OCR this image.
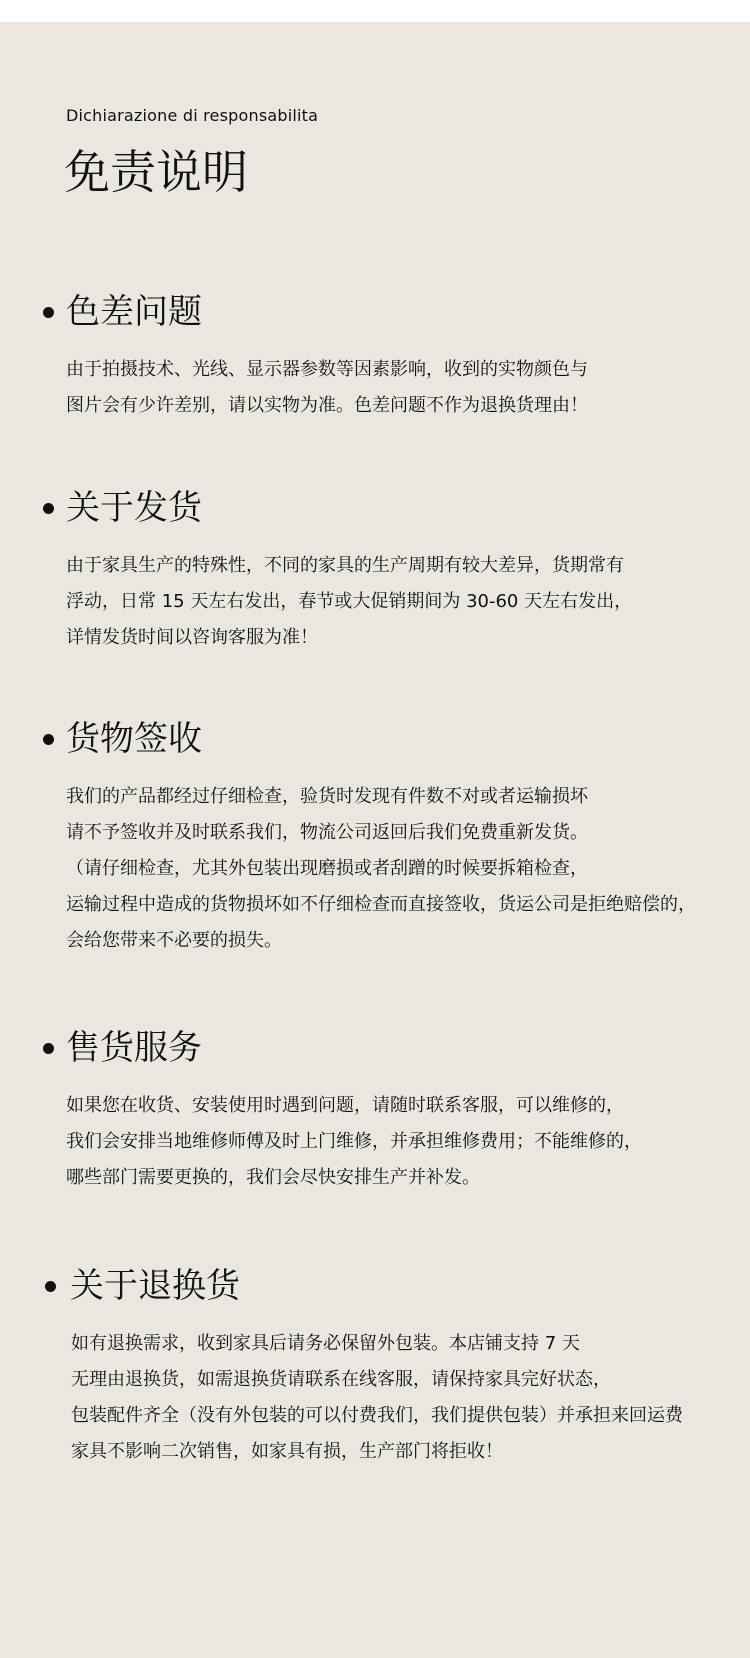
Dichiarazione di responsabilita
免责说明
色差问题
由于拍摄技术、光线、显示器参数等因素影响，收到的实物颜色与
图片会有少许差别，请以实物为准。色差问题不作为退换货理由！
关于发货
由于家具生产的特殊性，不同的家具的生产周期有较大差异，货期常有
浮动，日常 15 天左右发出，春节或大促销期间为 30-60 天左右发出，
详情发货时间以咨询客服为准！
货物签收
我们的产品都经过仔细检查，验货时发现有件数不对或者运输损坏
请不予签收并及时联系我们，物流公司返回后我们免费重新发货。
（请仔细检查，尤其外包装出现磨损或者刮蹭的时候要拆箱检查，
运输过程中造成的货物损坏如不仔细检查而直接签收，货运公司是拒绝赔偿的，
会给您带来不必要的损失。
售货服务
如果您在收货、安装使用时遇到问题，请随时联系客服，可以维修的，
我们会安排当地维修师傅及时上门维修，并承担维修费用；不能维修的，
哪些部门需要更换的，我们会尽快安排生产并补发。
关于退换货
如有退换需求，收到家具后请务必保留外包装。本店铺支持 7 天
无理由退换货，如需退换货请联系在线客服，请保持家具完好状态，
包装配件齐全（没有外包装的可以付费我们，我们提供包装）并承担来回运费
家具不影响二次销售，如家具有损，生产部门将拒收！
